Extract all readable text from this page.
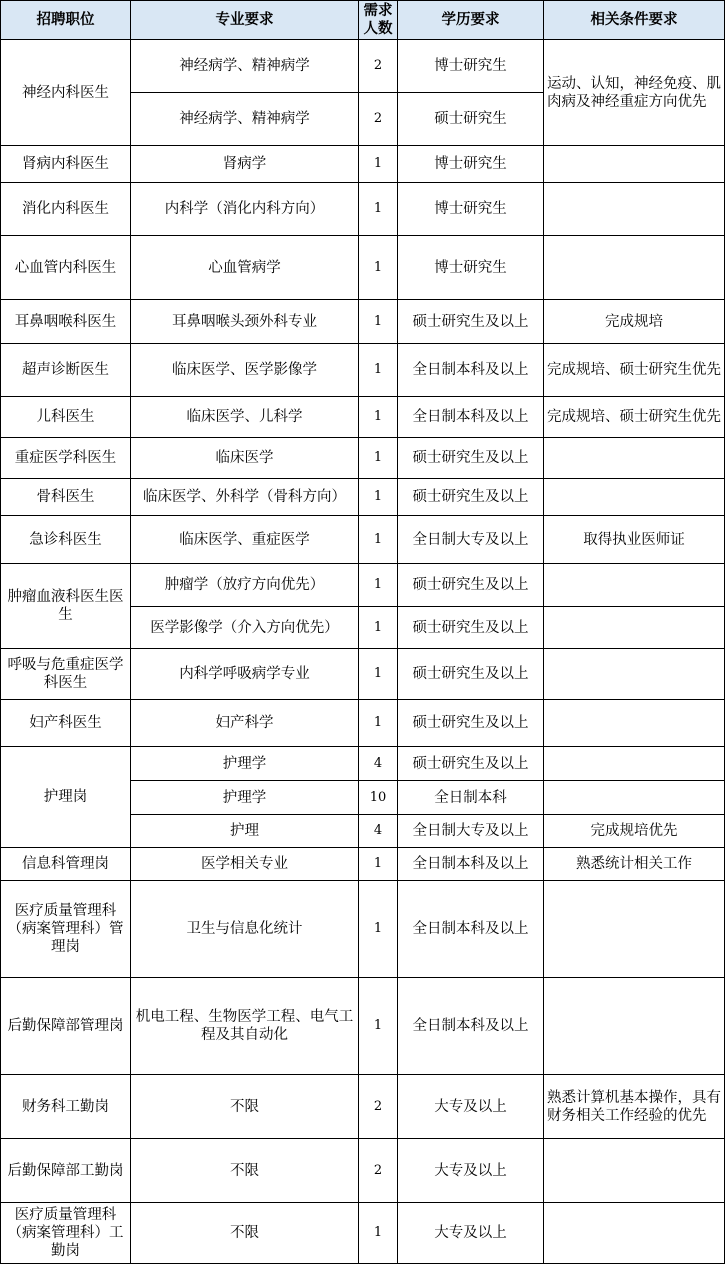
招聘职位	专业要求	需求人数	学历要求	相关条件要求
神经内科医生	神经病学、精神病学	2	博士研究生	运动、认知，神经免疫、肌肉病及神经重症方向优先
	神经病学、精神病学	2	硕士研究生	
肾病内科医生	肾病学	1	博士研究生	
消化内科医生	内科学（消化内科方向）	1	博士研究生	
心血管内科医生	心血管病学	1	博士研究生	
耳鼻咽喉科医生	耳鼻咽喉头颈外科专业	1	硕士研究生及以上	完成规培
超声诊断医生	临床医学、医学影像学	1	全日制本科及以上	完成规培、硕士研究生优先
儿科医生	临床医学、儿科学	1	全日制本科及以上	完成规培、硕士研究生优先
重症医学科医生	临床医学	1	硕士研究生及以上	
骨科医生	临床医学、外科学（骨科方向）	1	硕士研究生及以上	
急诊科医生	临床医学、重症医学	1	全日制大专及以上	取得执业医师证
肿瘤血液科医生医生	肿瘤学（放疗方向优先）	1	硕士研究生及以上	
	医学影像学（介入方向优先）	1	硕士研究生及以上	
呼吸与危重症医学科医生	内科学呼吸病学专业	1	硕士研究生及以上	
妇产科医生	妇产科学	1	硕士研究生及以上	
护理岗	护理学	4	硕士研究生及以上	
	护理学	10	全日制本科	
	护理	4	全日制大专及以上	完成规培优先
信息科管理岗	医学相关专业	1	全日制本科及以上	熟悉统计相关工作
医疗质量管理科（病案管理科）管理岗	卫生与信息化统计	1	全日制本科及以上	
后勤保障部管理岗	机电工程、生物医学工程、电气工程及其自动化	1	全日制本科及以上	
财务科工勤岗	不限	2	大专及以上	熟悉计算机基本操作，具有财务相关工作经验的优先
后勤保障部工勤岗	不限	2	大专及以上	
医疗质量管理科（病案管理科）工勤岗	不限	1	大专及以上	
